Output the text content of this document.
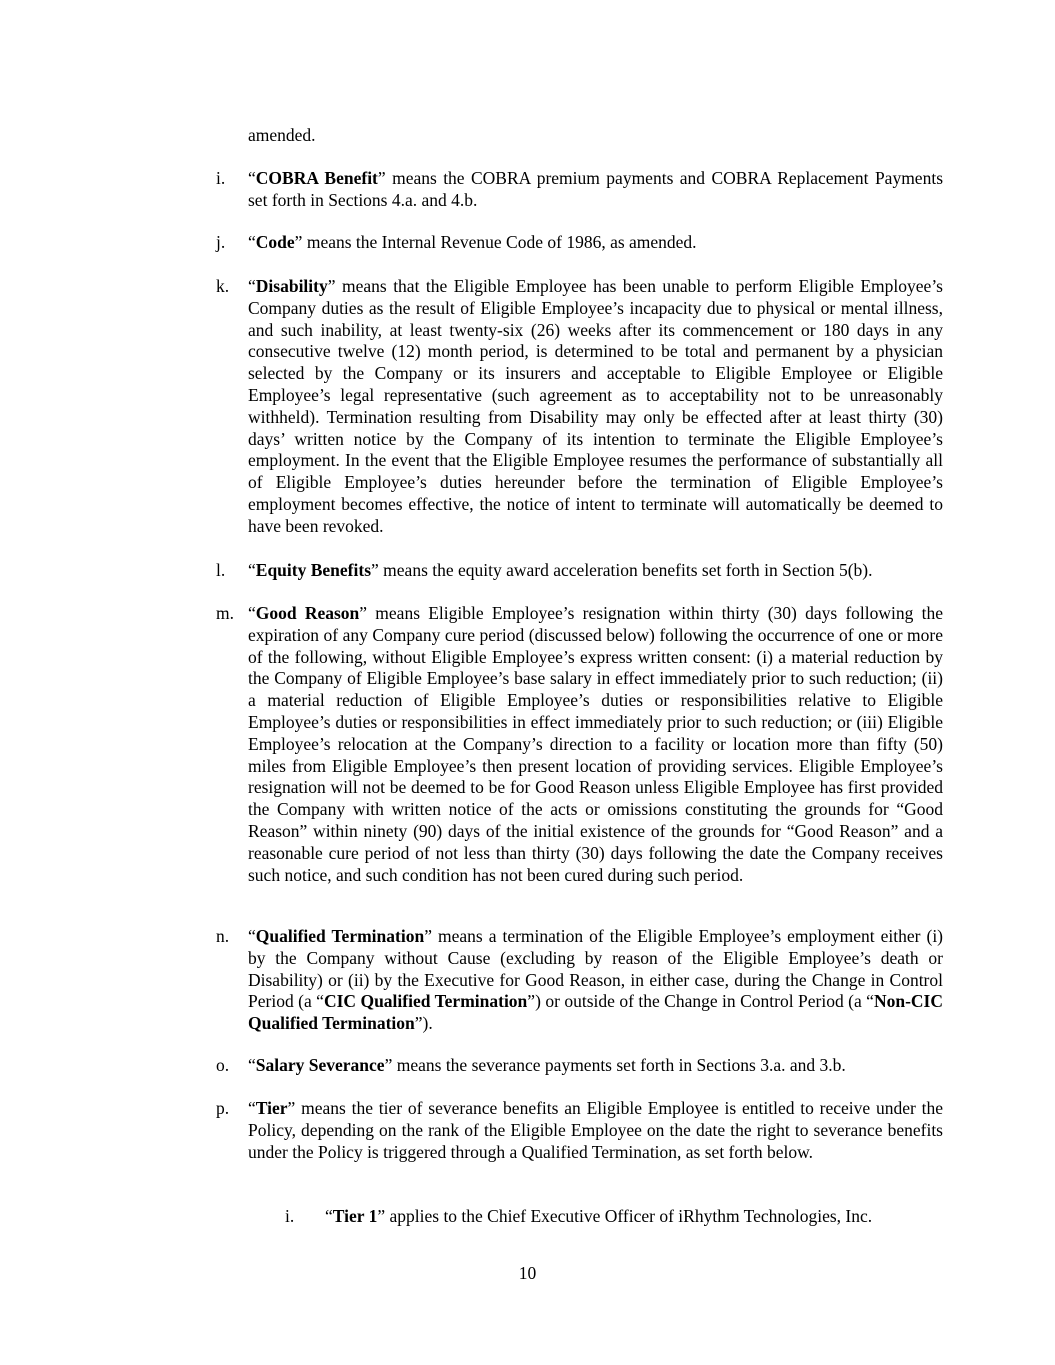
amended.
i.	“COBRA Benefit” means the COBRA premium payments and COBRA Replacement Payments set forth in Sections 4.a. and 4.b.
j.	“Code” means the Internal Revenue Code of 1986, as amended.
k.	“Disability” means that the Eligible Employee has been unable to perform Eligible Employee’s Company duties as the result of Eligible Employee’s incapacity due to physical or mental illness, and such inability, at least twenty-six (26) weeks after its commencement or 180 days in any consecutive twelve (12) month period, is determined to be total and permanent by a physician selected by the Company or its insurers and acceptable to Eligible Employee or Eligible Employee’s legal representative (such agreement as to acceptability not to be unreasonably withheld). Termination resulting from Disability may only be effected after at least thirty (30) days’ written notice by the Company of its intention to terminate the Eligible Employee’s employment. In the event that the Eligible Employee resumes the performance of substantially all of Eligible Employee’s duties hereunder before the termination of Eligible Employee’s employment becomes effective, the notice of intent to terminate will automatically be deemed to have been revoked.
l.	“Equity Benefits” means the equity award acceleration benefits set forth in Section 5(b).
m. “Good Reason” means Eligible Employee’s resignation within thirty (30) days following the expiration of any Company cure period (discussed below) following the occurrence of one or more of the following, without Eligible Employee’s express written consent: (i) a material reduction by the Company of Eligible Employee’s base salary in effect immediately prior to such reduction; (ii) a material reduction of Eligible Employee’s duties or responsibilities relative to Eligible Employee’s duties or responsibilities in effect immediately prior to such reduction; or (iii) Eligible Employee’s relocation at the Company’s direction to a facility or location more than fifty (50) miles from Eligible Employee’s then present location of providing services. Eligible Employee’s resignation will not be deemed to be for Good Reason unless Eligible Employee has first provided the Company with written notice of the acts or omissions constituting the grounds for “Good Reason” within ninety (90) days of the initial existence of the grounds for “Good Reason” and a reasonable cure period of not less than thirty (30) days following the date the Company receives such notice, and such condition has not been cured during such period.
n.	“Qualified Termination” means a termination of the Eligible Employee’s employment either (i) by the Company without Cause (excluding by reason of the Eligible Employee’s death or Disability) or (ii) by the Executive for Good Reason, in either case, during the Change in Control Period (a “CIC Qualified Termination”) or outside of the Change in Control Period (a “Non-CIC Qualified Termination”).
o.	“Salary Severance” means the severance payments set forth in Sections 3.a. and 3.b.
p.	“Tier” means the tier of severance benefits an Eligible Employee is entitled to receive under the Policy, depending on the rank of the Eligible Employee on the date the right to severance benefits under the Policy is triggered through a Qualified Termination, as set forth below.
i.	“Tier 1” applies to the Chief Executive Officer of iRhythm Technologies, Inc.
10
